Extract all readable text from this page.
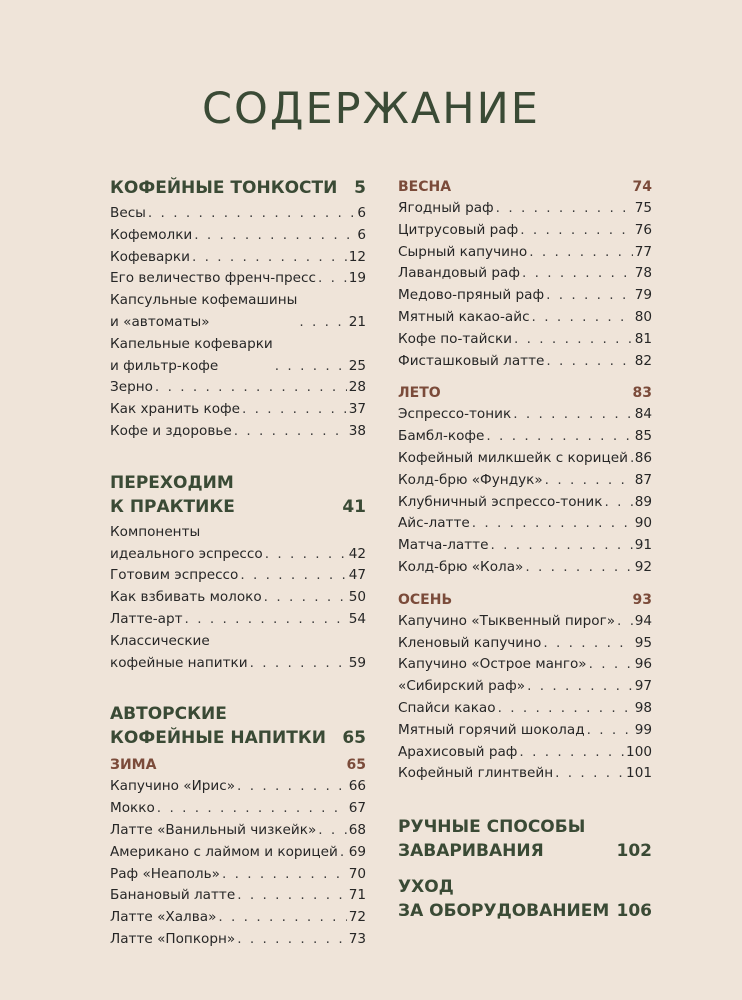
СОДЕРЖАНИЕ
КОФЕЙНЫЕ ТОНКОСТИ 5
Весы . . .	6
Кофемолки . . .	6
Кофеварки . . .	12
Его величество френч-пресс . . . 19
Капсульные кофемашины
и «автоматы» . . .	21
Капельные кофеварки
и фильтр-кофе . . .	25
Зерно . . .	28
Как хранить кофе . . .	37
Кофе и здоровье . . .	38
ПЕРЕХОДИМ
К ПРАКТИКЕ	41
Компоненты
идеального эспрессо . . .	42
Готовим эспрессо . . .	47
Как взбивать молоко . . .	50
Латте-арт . . .	54
Классические
кофейные напитки . . .	59
АВТОРСКИЕ
КОФЕЙНЫЕ НАПИТКИ 65
ЗИМА	65
Капучино «Ирис» . . .	66
Мокко . . .	67
Латте «Ванильный чизкейк» . . . 68
Американо с лаймом и корицей . . . 69
Раф «Неаполь» . . .	70
Банановый латте . . .	71
Латте «Халва» . . .	72
Латте «Попкорн» . . .	73
ВЕСНА	74
Ягодный раф . . .	75
Цитрусовый раф . . .	76
Сырный капучино . . .	77
Лавандовый раф . . .	78
Медово-пряный раф . . .	79
Мятный какао-айс . . .	80
Кофе по-тайски . . .	81
Фисташковый латте . . .	82
ЛЕТО	83
Эспрессо-тоник . . .	84
Бамбл-кофе . . .	85
Кофейный милкшейк с корицей . . . 86
Колд-брю «Фундук» . . .	87
Клубничный эспрессо-тоник . . . 89
Айс-латте . . .	90
Матча-латте . . .	91
Колд-брю «Кола» . . .	92
ОСЕНЬ	93
Капучино «Тыквенный пирог» . . . 94
Кленовый капучино . . .	95
Капучино «Острое манго» . . .	96
«Сибирский раф» . . .	97
Спайси какао . . .	98
Мятный горячий шоколад . . .	99
Арахисовый раф . . .	100
Кофейный глинтвейн . . .	101
РУЧНЫЕ СПОСОБЫ
ЗАВАРИВАНИЯ	102
УХОД
ЗА ОБОРУДОВАНИЕМ 106
